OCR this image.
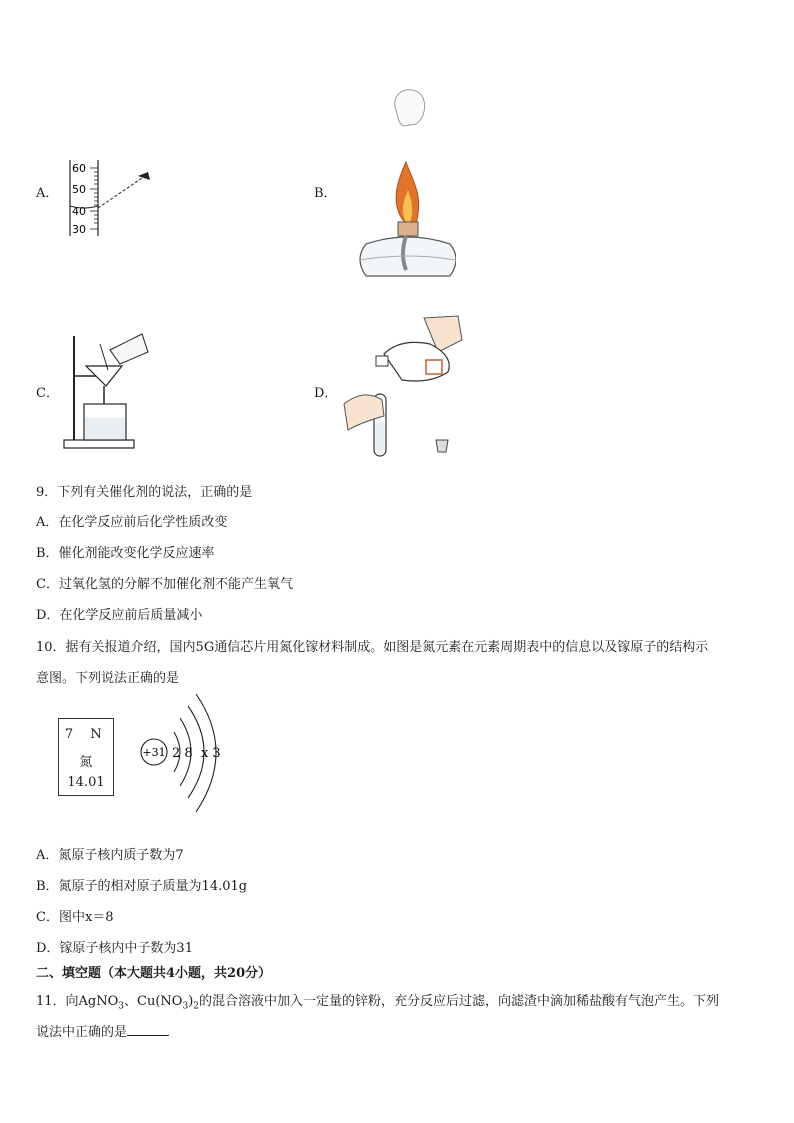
A．
60
50
40
30
B．
C．	D．
9．下列有关催化剂的说法，正确的是
A．在化学反应前后化学性质改变
B．催化剂能改变化学反应速率
C．过氧化氢的分解不加催化剂不能产生氧气
D．在化学反应前后质量减小
10．据有关报道介绍，国内5G通信芯片用氮化镓材料制成。如图是氮元素在元素周期表中的信息以及镓原子的结构示
意图。下列说法正确的是
7	N
氮
14.01
+31 2 8  x 3
A．氮原子核内质子数为7
B．氮原子的相对原子质量为14.01g
C．图中x＝8
D．镓原子核内中子数为31
二、填空题（本大题共4小题，共20分）
11．向AgNO$_3$、$Cu(NO_3)_2$的混合溶液中加入一定量的锌粉，充分反应后过滤，向滤渣中滴加稀盐酸有气泡产生。下列
说法中正确的是
